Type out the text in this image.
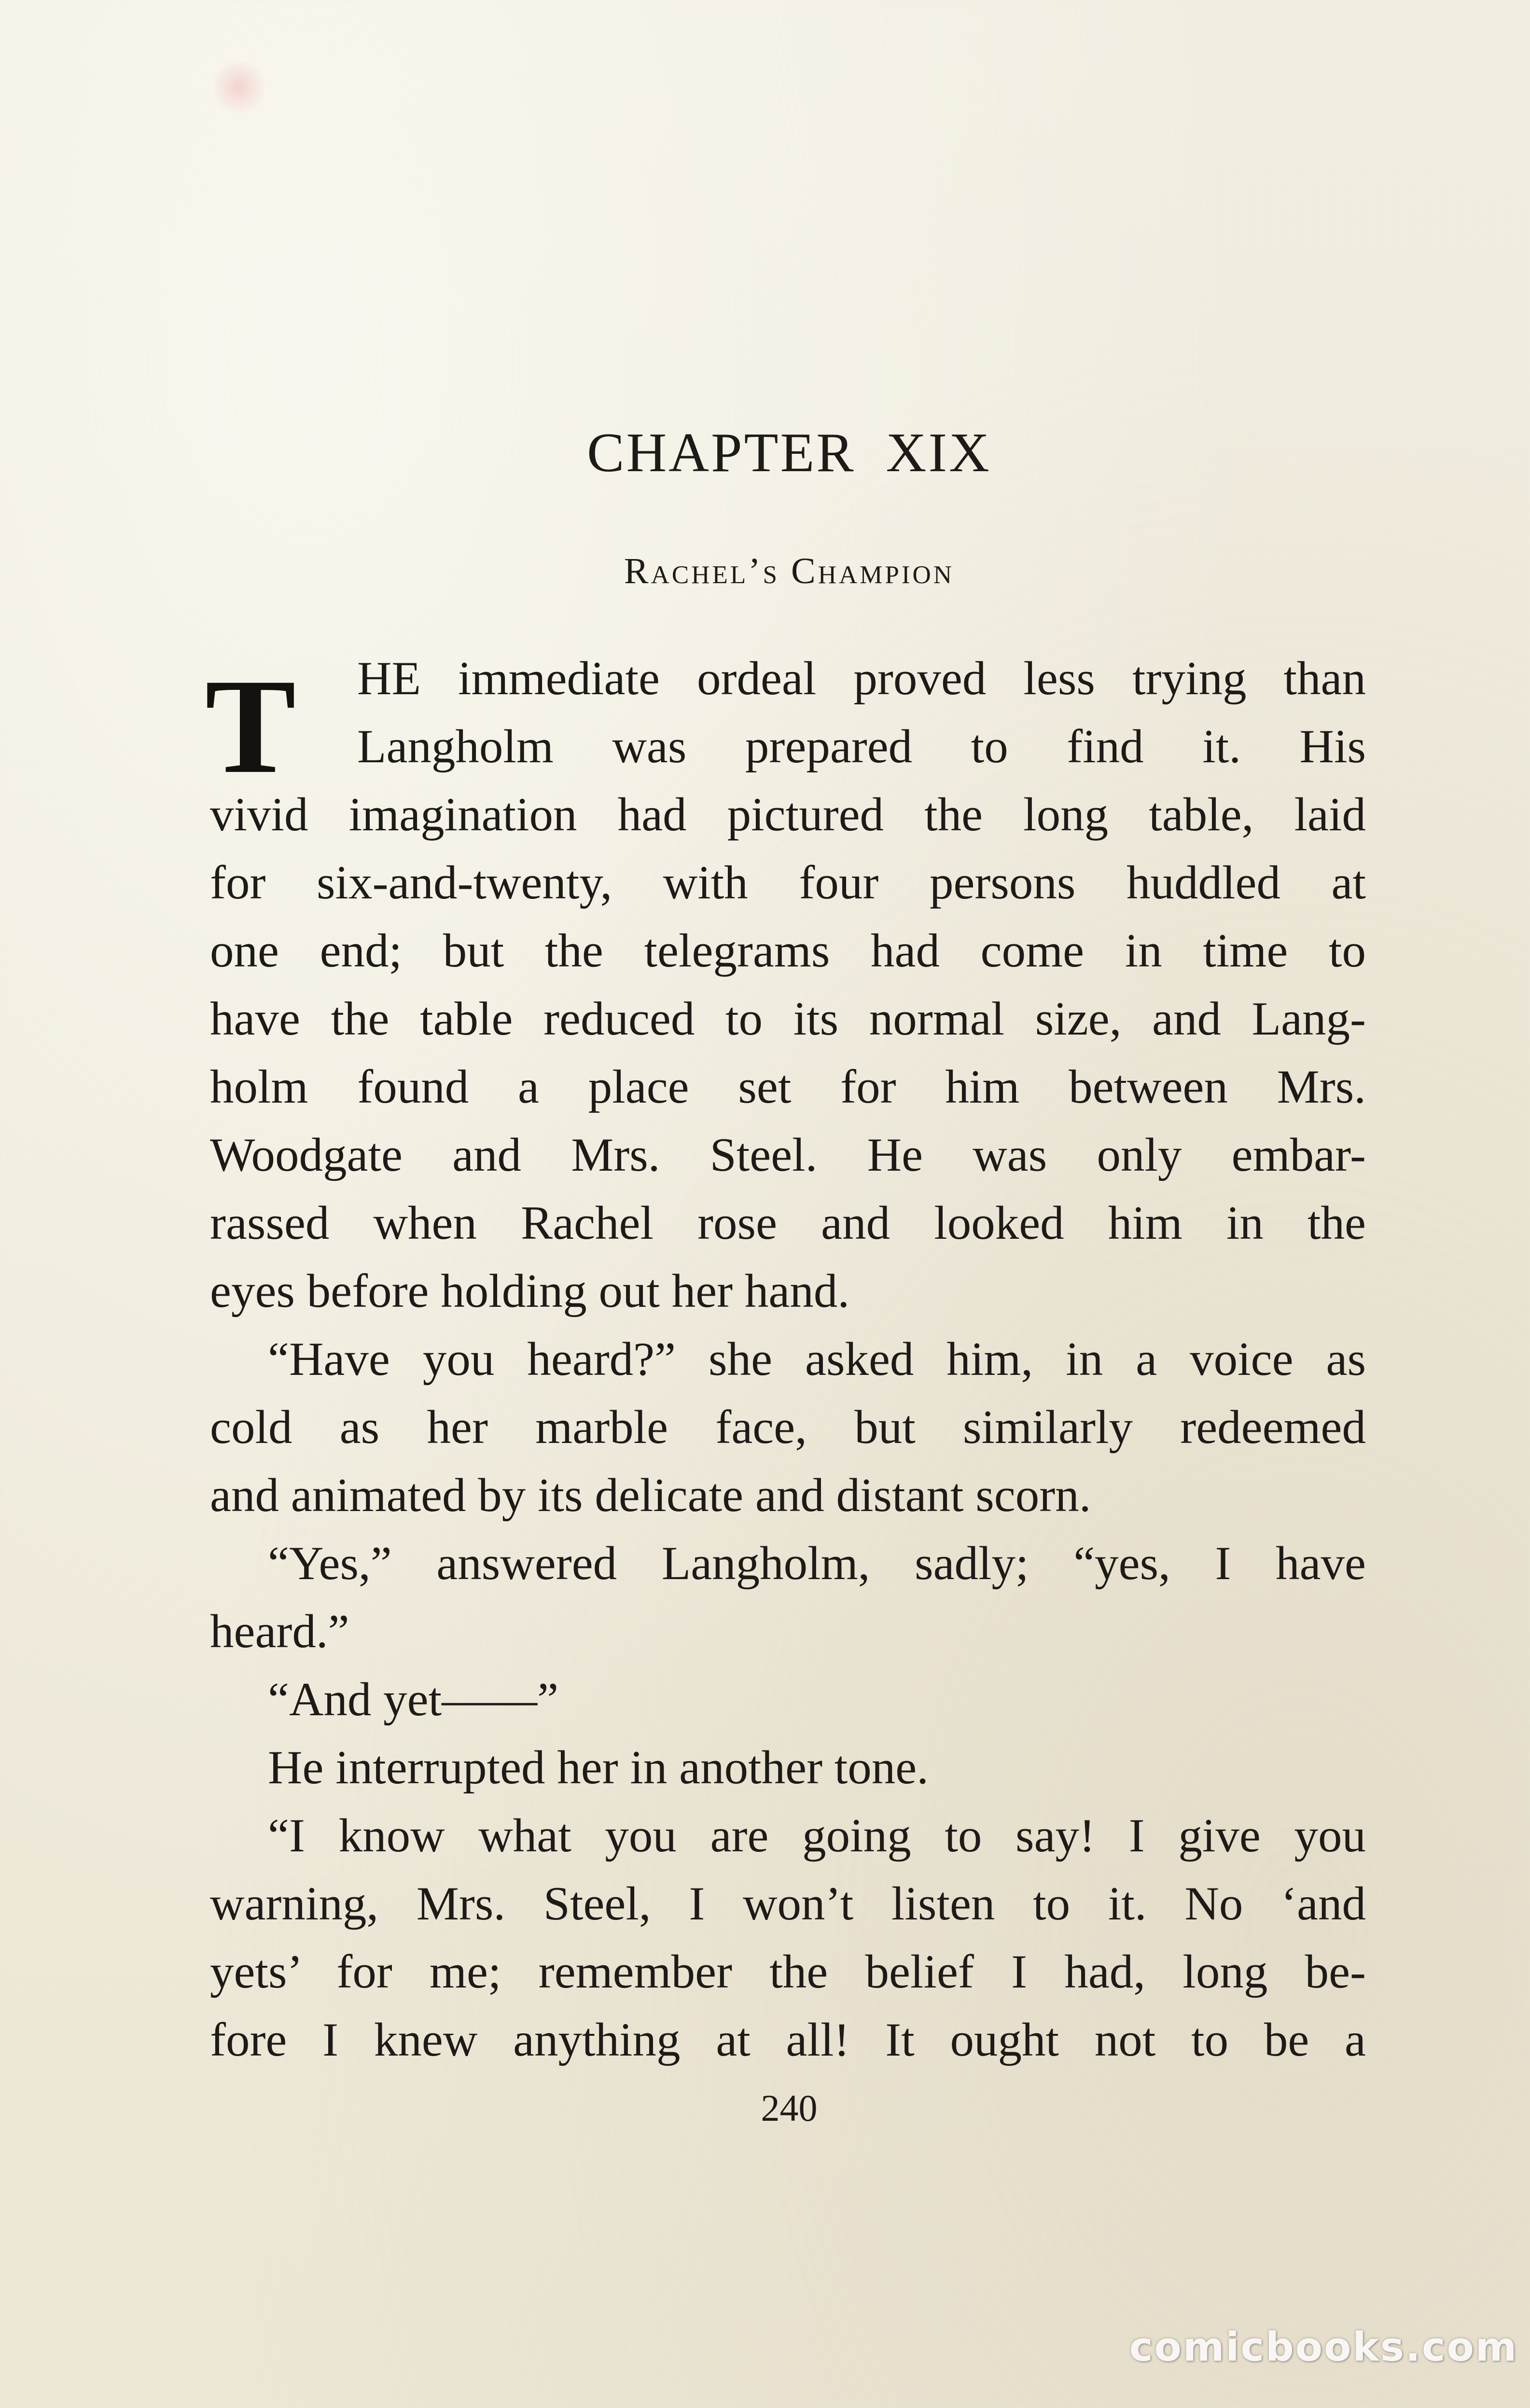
CHAPTER XIX
Rachel’s Champion
T	HE immediate ordeal proved less trying than
Langholm was prepared to find it. His
vivid imagination had pictured the long table, laid
for six-and-twenty, with four persons huddled at
one end; but the telegrams had come in time to
have the table reduced to its normal size, and Lang-
holm found a place set for him between Mrs.
Woodgate and Mrs. Steel. He was only embar-
rassed when Rachel rose and looked him in the
eyes before holding out her hand.
“Have you heard?” she asked him, in a voice as
cold as her marble face, but similarly redeemed
and animated by its delicate and distant scorn.
“Yes,” answered Langholm, sadly; “yes, I have
heard.”
“And yet——”
He interrupted her in another tone.
“I know what you are going to say! I give you
warning, Mrs. Steel, I won’t listen to it. No ‘and
yets’ for me; remember the belief I had, long be-
fore I knew anything at all! It ought not to be a
240
comicbooks.com
